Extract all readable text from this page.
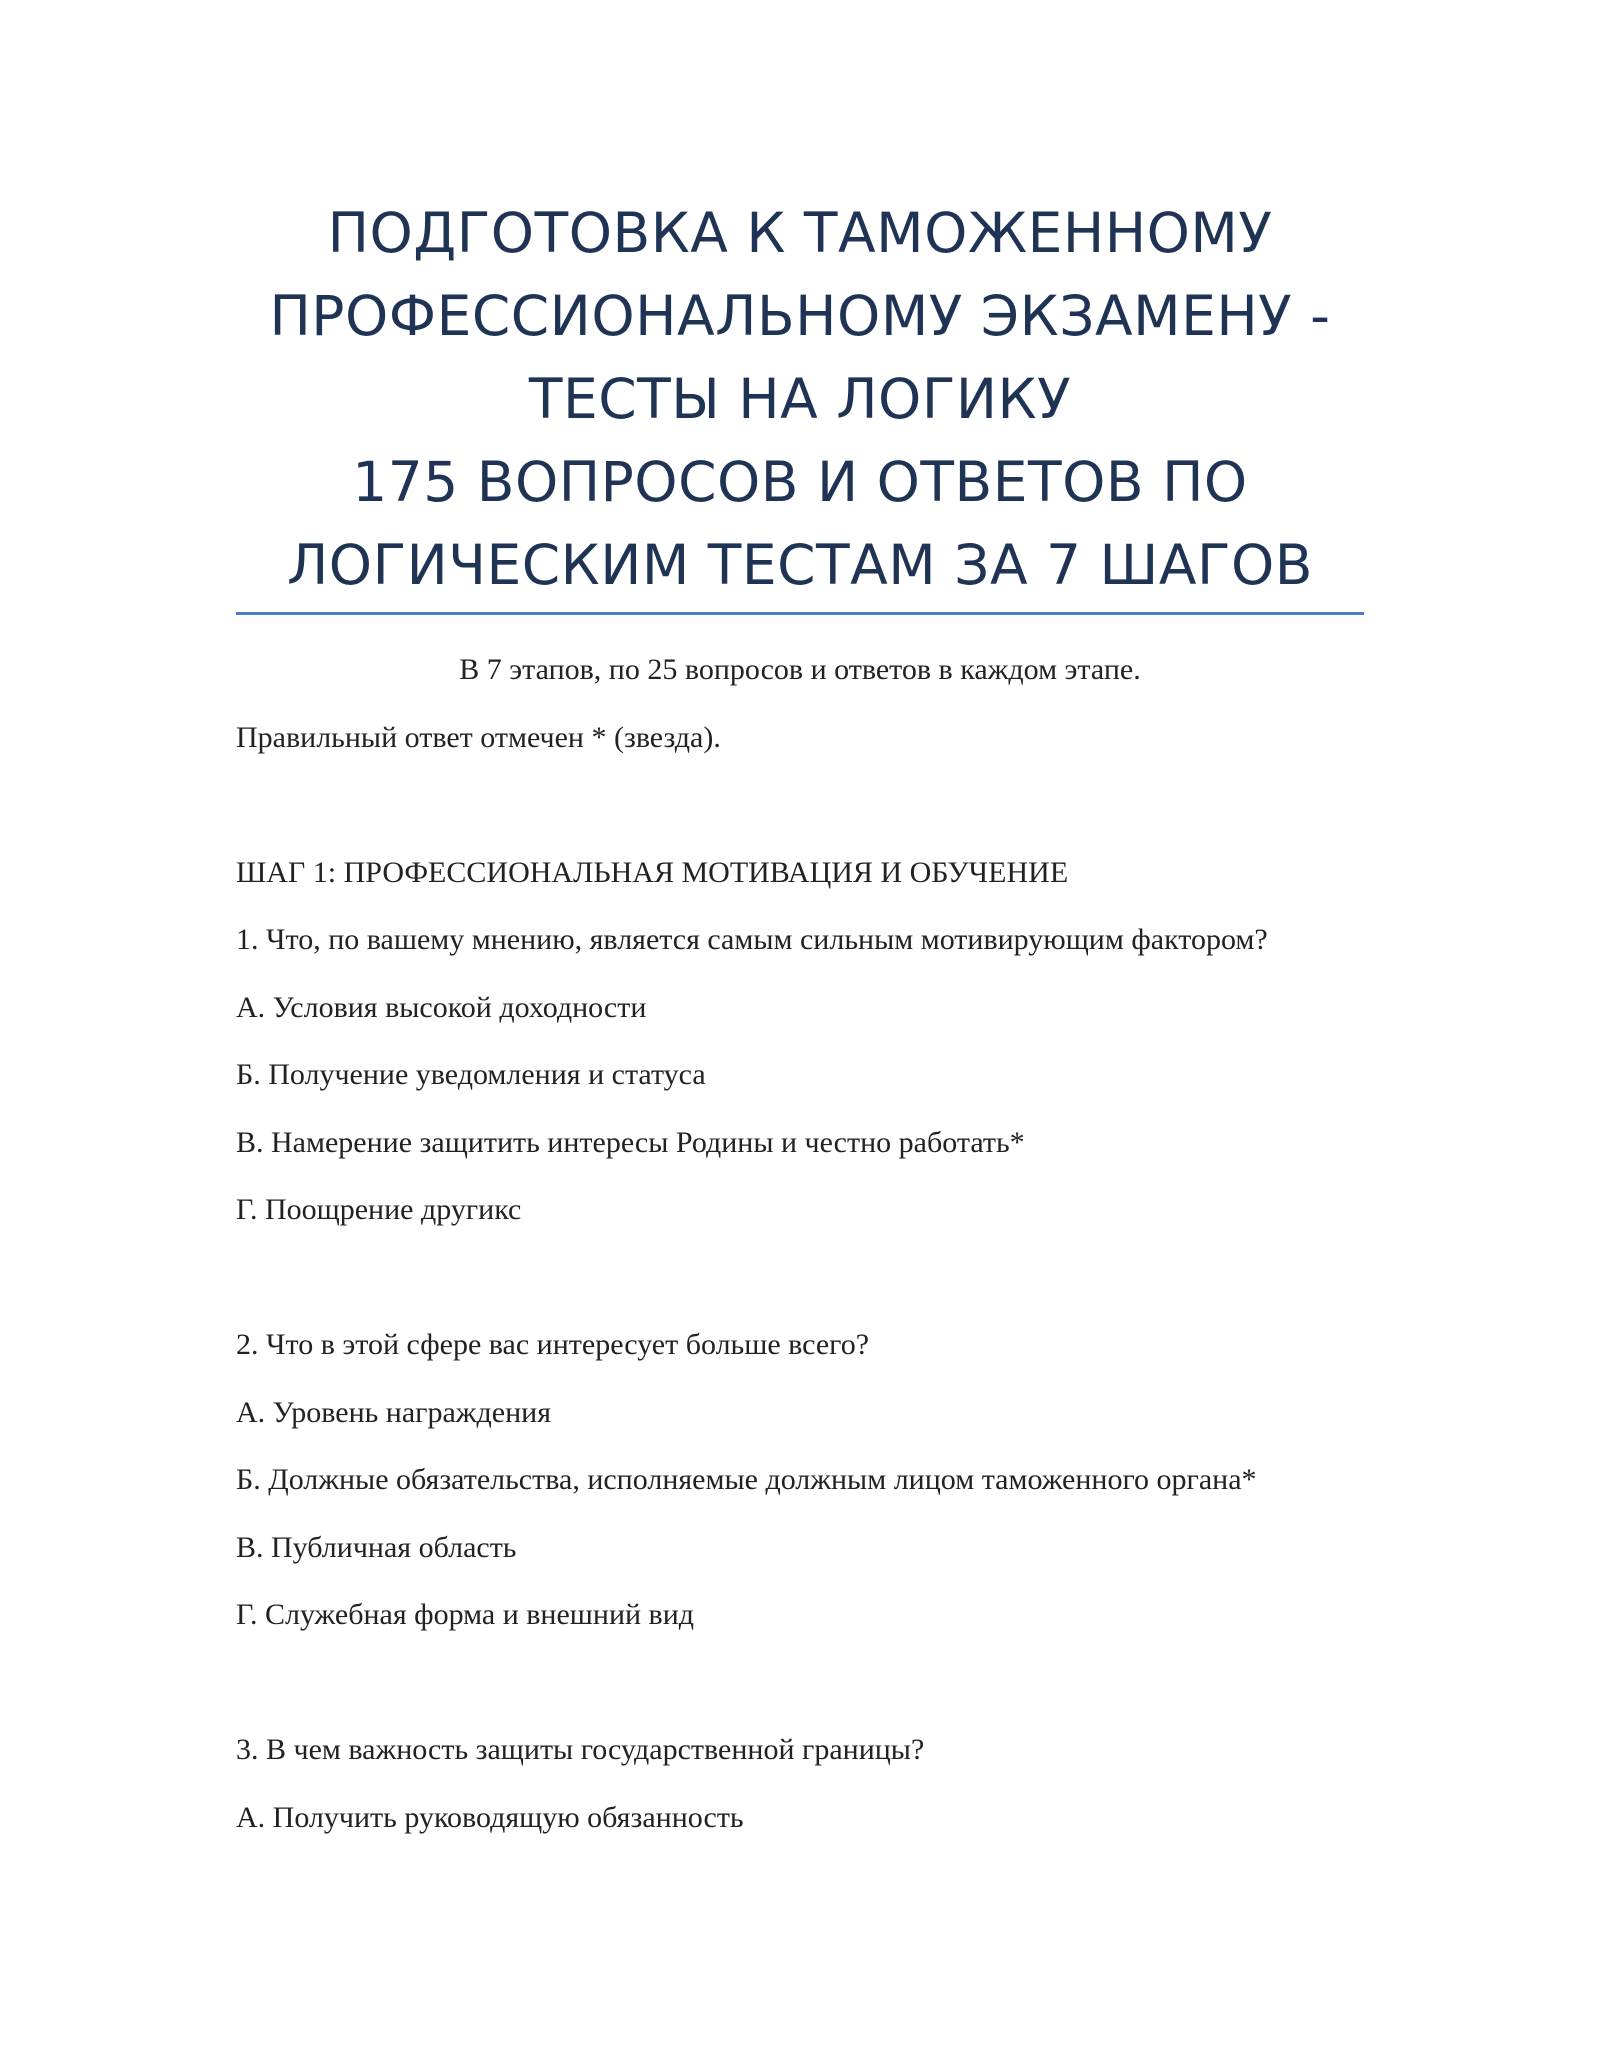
ПОДГОТОВКА К ТАМОЖЕННОМУ
ПРОФЕССИОНАЛЬНОМУ ЭКЗАМЕНУ -
ТЕСТЫ НА ЛОГИКУ
175 ВОПРОСОВ И ОТВЕТОВ ПО
ЛОГИЧЕСКИМ ТЕСТАМ ЗА 7 ШАГОВ
В 7 этапов, по 25 вопросов и ответов в каждом этапе.
Правильный ответ отмечен * (звезда).
ШАГ 1: ПРОФЕССИОНАЛЬНАЯ МОТИВАЦИЯ И ОБУЧЕНИЕ
1. Что, по вашему мнению, является самым сильным мотивирующим фактором?
А. Условия высокой доходности
Б. Получение уведомления и статуса
В. Намерение защитить интересы Родины и честно работать*
Г. Поощрение другикс
2. Что в этой сфере вас интересует больше всего?
А. Уровень награждения
Б. Должные обязательства, исполняемые должным лицом таможенного органа*
В. Публичная область
Г. Служебная форма и внешний вид
3. В чем важность защиты государственной границы?
А. Получить руководящую обязанность
